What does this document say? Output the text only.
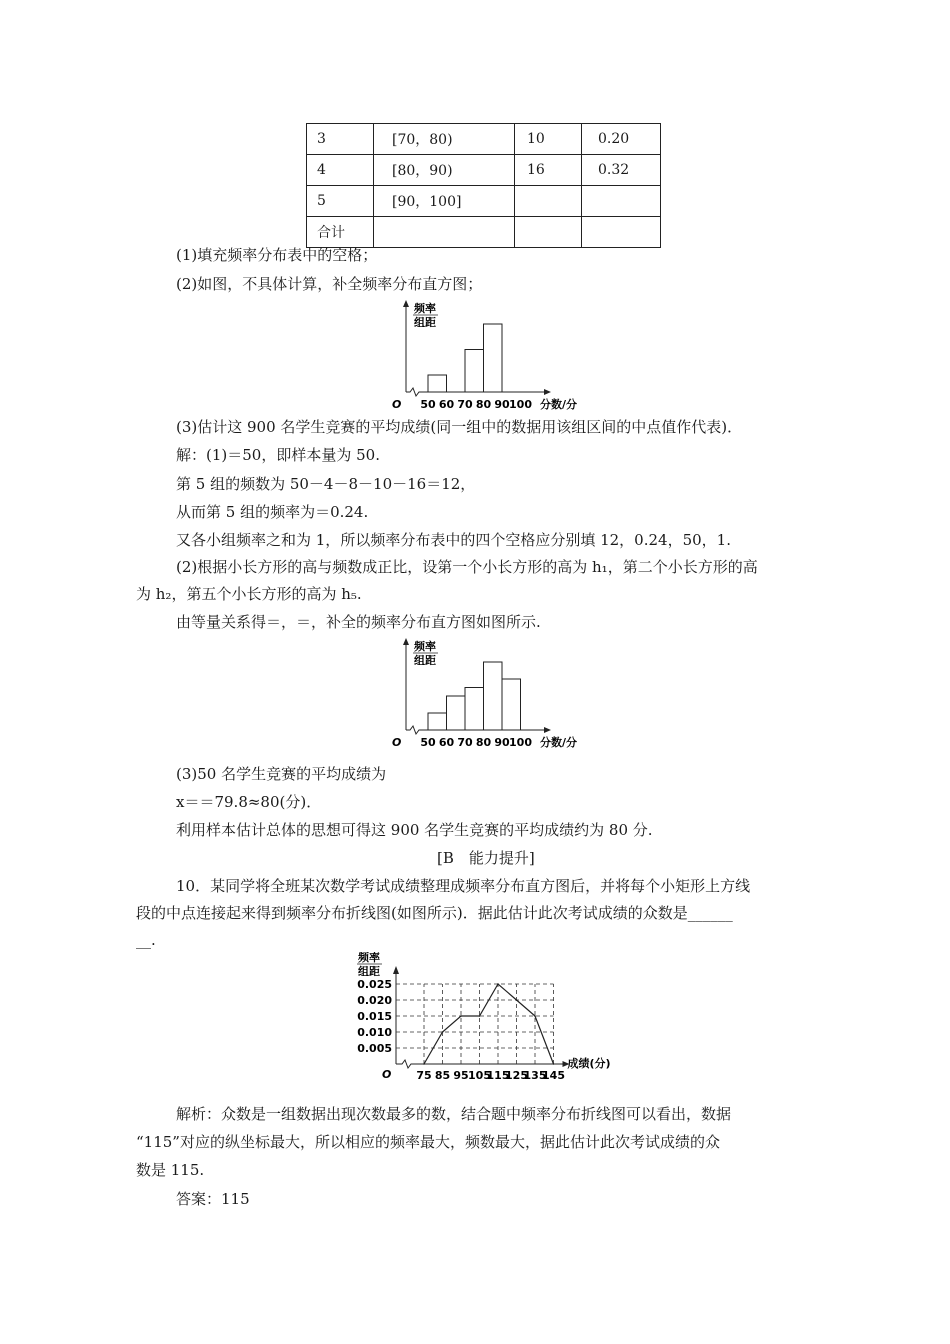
3	[70，80)	10	0.20
4	[80，90)	16	0.32
5	[90，100]		
合计			
(1)填充频率分布表中的空格；
(2)如图，不具体计算，补全频率分布直方图；
频率
组距
O 50 60 70 80 90 100 分数/分
(3)估计这 900 名学生竞赛的平均成绩(同一组中的数据用该组区间的中点值作代表)．
解：(1)＝50，即样本量为 50.
第 5 组的频数为 50－4－8－10－16＝12，
从而第 5 组的频率为＝0.24.
又各小组频率之和为 1，所以频率分布表中的四个空格应分别填 12，0.24，50，1.
(2)根据小长方形的高与频数成正比，设第一个小长方形的高为 h₁，第二个小长方形的高
为 h₂，第五个小长方形的高为 h₅.
由等量关系得＝，＝，补全的频率分布直方图如图所示.
频率
组距
O 50 60 70 80 90 100 分数/分
(3)50 名学生竞赛的平均成绩为
x＝＝79.8≈80(分)．
利用样本估计总体的思想可得这 900 名学生竞赛的平均成绩约为 80 分.
[B　能力提升]
10．某同学将全班某次数学考试成绩整理成频率分布直方图后，并将每个小矩形上方线
段的中点连接起来得到频率分布折线图(如图所示)．据此估计此次考试成绩的众数是______
__.
频率
组距
0.005
0.010
0.015
0.020
0.025
75 85 95 105
115
125
135
145
成绩(分)
O
解析：众数是一组数据出现次数最多的数，结合题中频率分布折线图可以看出，数据
“115”对应的纵坐标最大，所以相应的频率最大，频数最大，据此估计此次考试成绩的众
数是 115.
答案：115
